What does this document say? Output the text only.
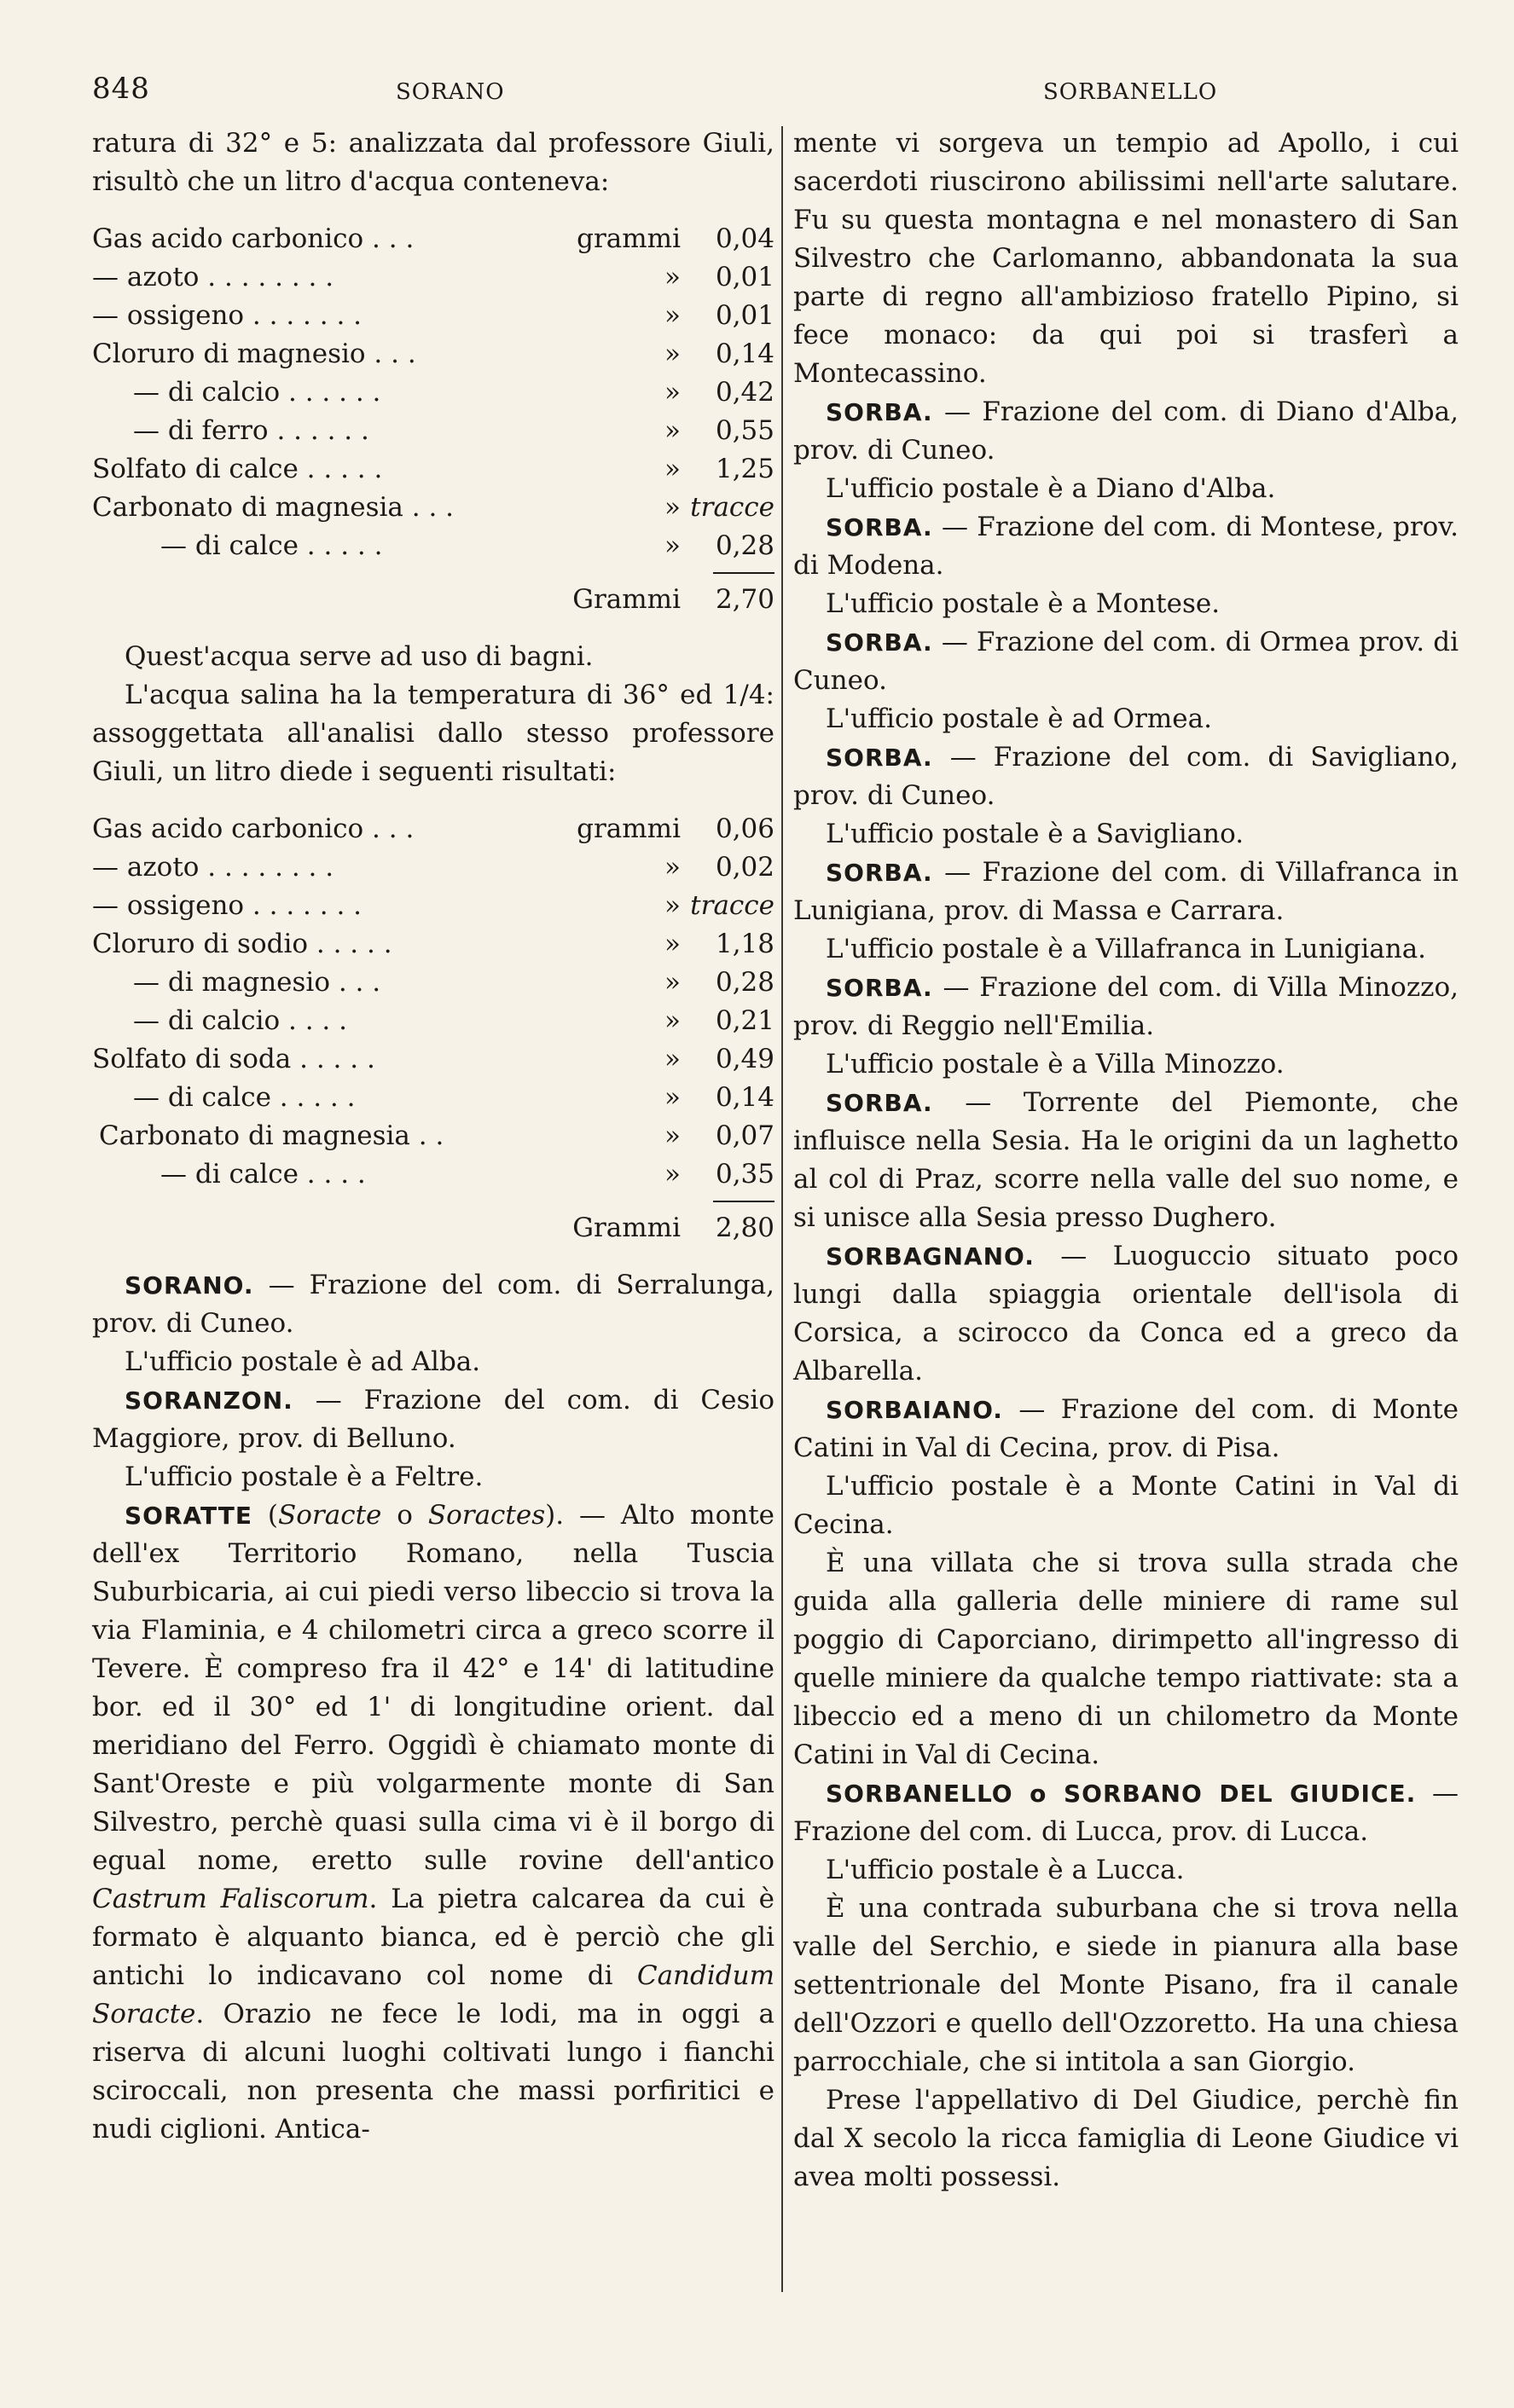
848	SORANO	SORBANELLO

ratura di 32° e 5: analizzata dal professore Giuli, risultò che un litro d'acqua conteneva:

Gas acido carbonico . . .	grammi	0,04
— azoto . . . . . . . .	»	0,01
— ossigeno . . . . . . .	»	0,01
Cloruro di magnesio . . .	»	0,14
— di calcio . . . . . .	»	0,42
— di ferro . . . . . .	»	0,55
Solfato di calce . . . . .	»	1,25
Carbonato di magnesia . . .	» tracce
— di calce . . . . .	»	0,28
Grammi	2,70

Quest'acqua serve ad uso di bagni.

L'acqua salina ha la temperatura di 36° ed 1/4: assoggettata all'analisi dallo stesso professore Giuli, un litro diede i seguenti risultati:

Gas acido carbonico . . .	grammi	0,06
— azoto . . . . . . . .	»	0,02
— ossigeno . . . . . . .	» tracce
Cloruro di sodio . . . . .	»	1,18
— di magnesio . . .	»	0,28
— di calcio . . . .	»	0,21
Solfato di soda . . . . .	»	0,49
— di calce . . . . .	»	0,14
Carbonato di magnesia . .	»	0,07
— di calce . . . .	»	0,35
Grammi	2,80

SORANO. — Frazione del com. di Serralunga, prov. di Cuneo.

L'ufficio postale è ad Alba.

SORANZON. — Frazione del com. di Cesio Maggiore, prov. di Belluno.

L'ufficio postale è a Feltre.

SORATTE (Soracte o Soractes). — Alto monte dell'ex Territorio Romano, nella Tuscia Suburbicaria, ai cui piedi verso libeccio si trova la via Flaminia, e 4 chilometri circa a greco scorre il Tevere. È compreso fra il 42° e 14' di latitudine bor. ed il 30° ed 1' di longitudine orient. dal meridiano del Ferro. Oggidì è chiamato monte di Sant'Oreste e più volgarmente monte di San Silvestro, perchè quasi sulla cima vi è il borgo di egual nome, eretto sulle rovine dell'antico Castrum Faliscorum. La pietra calcarea da cui è formato è alquanto bianca, ed è perciò che gli antichi lo indicavano col nome di Candidum Soracte. Orazio ne fece le lodi, ma in oggi a riserva di alcuni luoghi coltivati lungo i fianchi sciroccali, non presenta che massi porfiritici e nudi ciglioni. Antica-

mente vi sorgeva un tempio ad Apollo, i cui sacerdoti riuscirono abilissimi nell'arte salutare. Fu su questa montagna e nel monastero di San Silvestro che Carlomanno, abbandonata la sua parte di regno all'ambizioso fratello Pipino, si fece monaco: da qui poi si trasferì a Montecassino.

SORBA. — Frazione del com. di Diano d'Alba, prov. di Cuneo.

L'ufficio postale è a Diano d'Alba.

SORBA. — Frazione del com. di Montese, prov. di Modena.

L'ufficio postale è a Montese.

SORBA. — Frazione del com. di Ormea prov. di Cuneo.

L'ufficio postale è ad Ormea.

SORBA. — Frazione del com. di Savigliano, prov. di Cuneo.

L'ufficio postale è a Savigliano.

SORBA. — Frazione del com. di Villafranca in Lunigiana, prov. di Massa e Carrara.

L'ufficio postale è a Villafranca in Lunigiana.

SORBA. — Frazione del com. di Villa Minozzo, prov. di Reggio nell'Emilia.

L'ufficio postale è a Villa Minozzo.

SORBA. — Torrente del Piemonte, che influisce nella Sesia. Ha le origini da un laghetto al col di Praz, scorre nella valle del suo nome, e si unisce alla Sesia presso Dughero.

SORBAGNANO. — Luoguccio situato poco lungi dalla spiaggia orientale dell'isola di Corsica, a scirocco da Conca ed a greco da Albarella.

SORBAIANO. — Frazione del com. di Monte Catini in Val di Cecina, prov. di Pisa.

L'ufficio postale è a Monte Catini in Val di Cecina.

È una villata che si trova sulla strada che guida alla galleria delle miniere di rame sul poggio di Caporciano, dirimpetto all'ingresso di quelle miniere da qualche tempo riattivate: sta a libeccio ed a meno di un chilometro da Monte Catini in Val di Cecina.

SORBANELLO o SORBANO DEL GIUDICE. — Frazione del com. di Lucca, prov. di Lucca.

L'ufficio postale è a Lucca.

È una contrada suburbana che si trova nella valle del Serchio, e siede in pianura alla base settentrionale del Monte Pisano, fra il canale dell'Ozzori e quello dell'Ozzoretto. Ha una chiesa parrocchiale, che si intitola a san Giorgio.

Prese l'appellativo di Del Giudice, perchè fin dal X secolo la ricca famiglia di Leone Giudice vi avea molti possessi.
